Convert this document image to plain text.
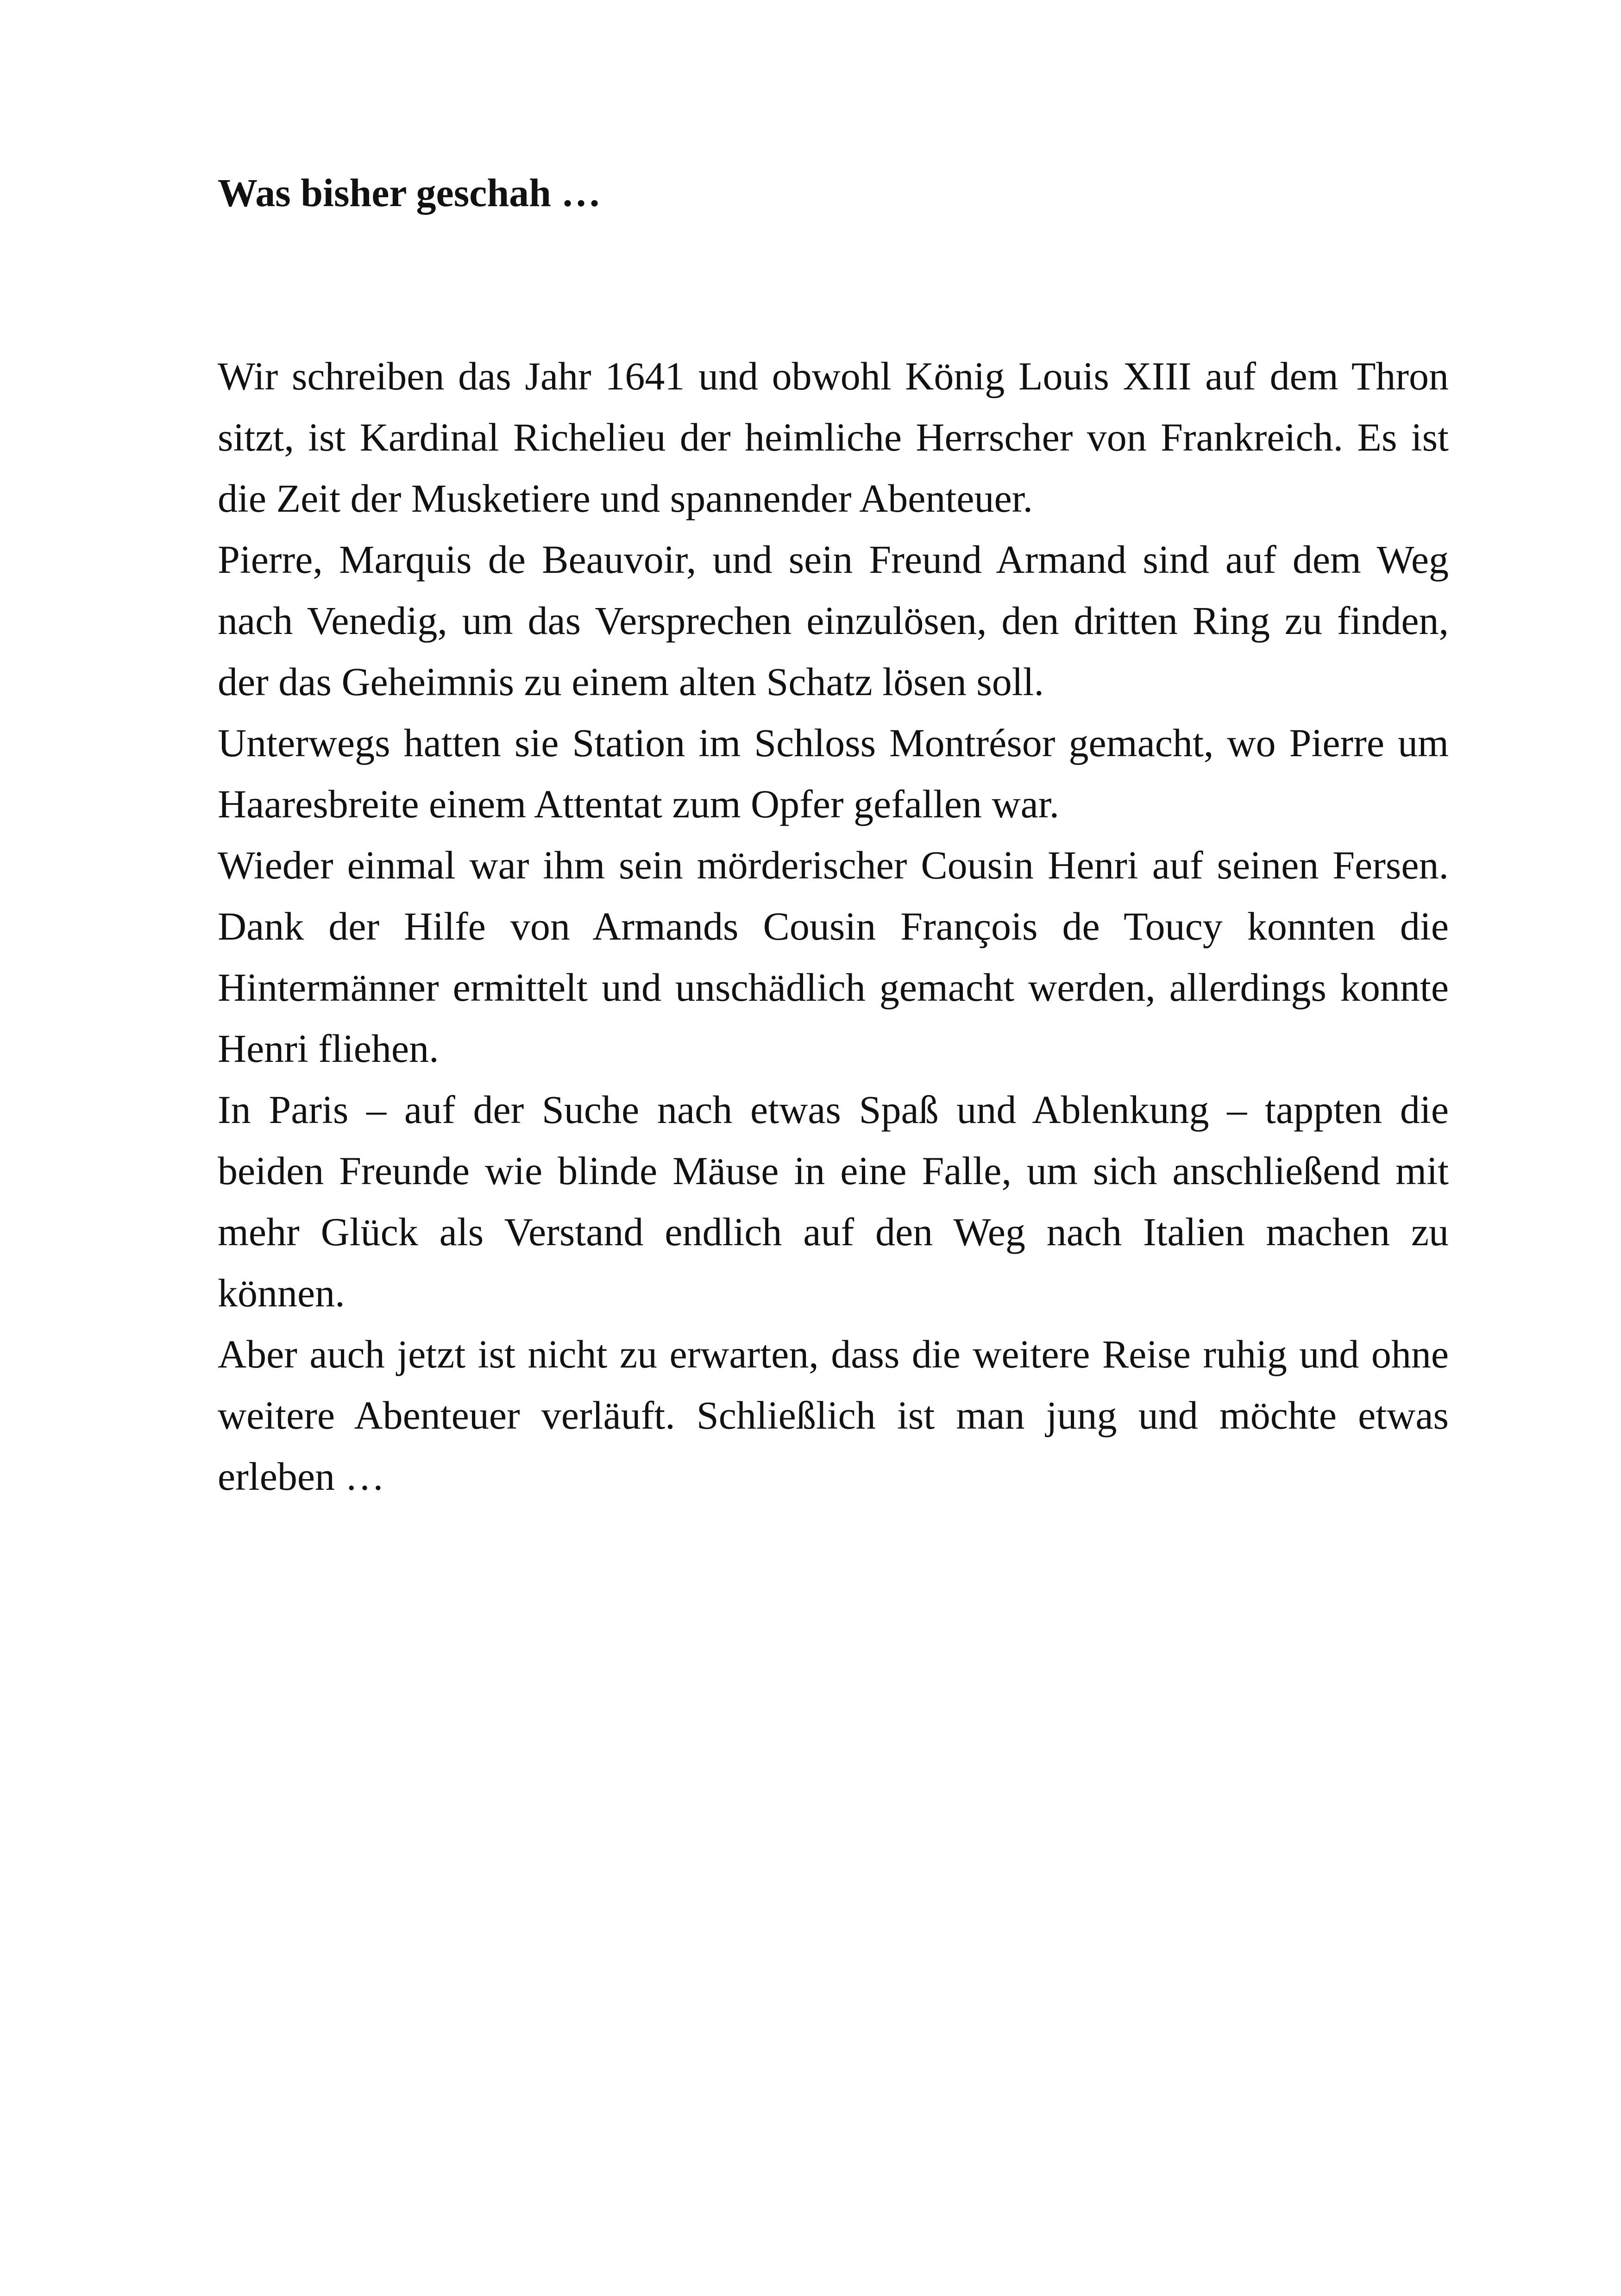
Was bisher geschah …

Wir schreiben das Jahr 1641 und obwohl König Louis XIII auf dem Thron sitzt, ist Kardinal Richelieu der heimliche Herrscher von Frankreich. Es ist die Zeit der Musketiere und spannender Abenteuer.

Pierre, Marquis de Beauvoir, und sein Freund Armand sind auf dem Weg nach Venedig, um das Versprechen einzulösen, den dritten Ring zu finden, der das Geheimnis zu einem alten Schatz lösen soll.

Unterwegs hatten sie Station im Schloss Montrésor gemacht, wo Pierre um Haaresbreite einem Attentat zum Opfer gefallen war.

Wieder einmal war ihm sein mörderischer Cousin Henri auf seinen Fersen. Dank der Hilfe von Armands Cousin François de Toucy konnten die Hintermänner ermittelt und unschädlich gemacht werden, allerdings konnte Henri fliehen.

In Paris – auf der Suche nach etwas Spaß und Ablenkung – tappten die beiden Freunde wie blinde Mäuse in eine Falle, um sich anschließend mit mehr Glück als Verstand endlich auf den Weg nach Italien machen zu können.

Aber auch jetzt ist nicht zu erwarten, dass die weitere Reise ruhig und ohne weitere Abenteuer verläuft. Schließlich ist man jung und möchte etwas erleben …
